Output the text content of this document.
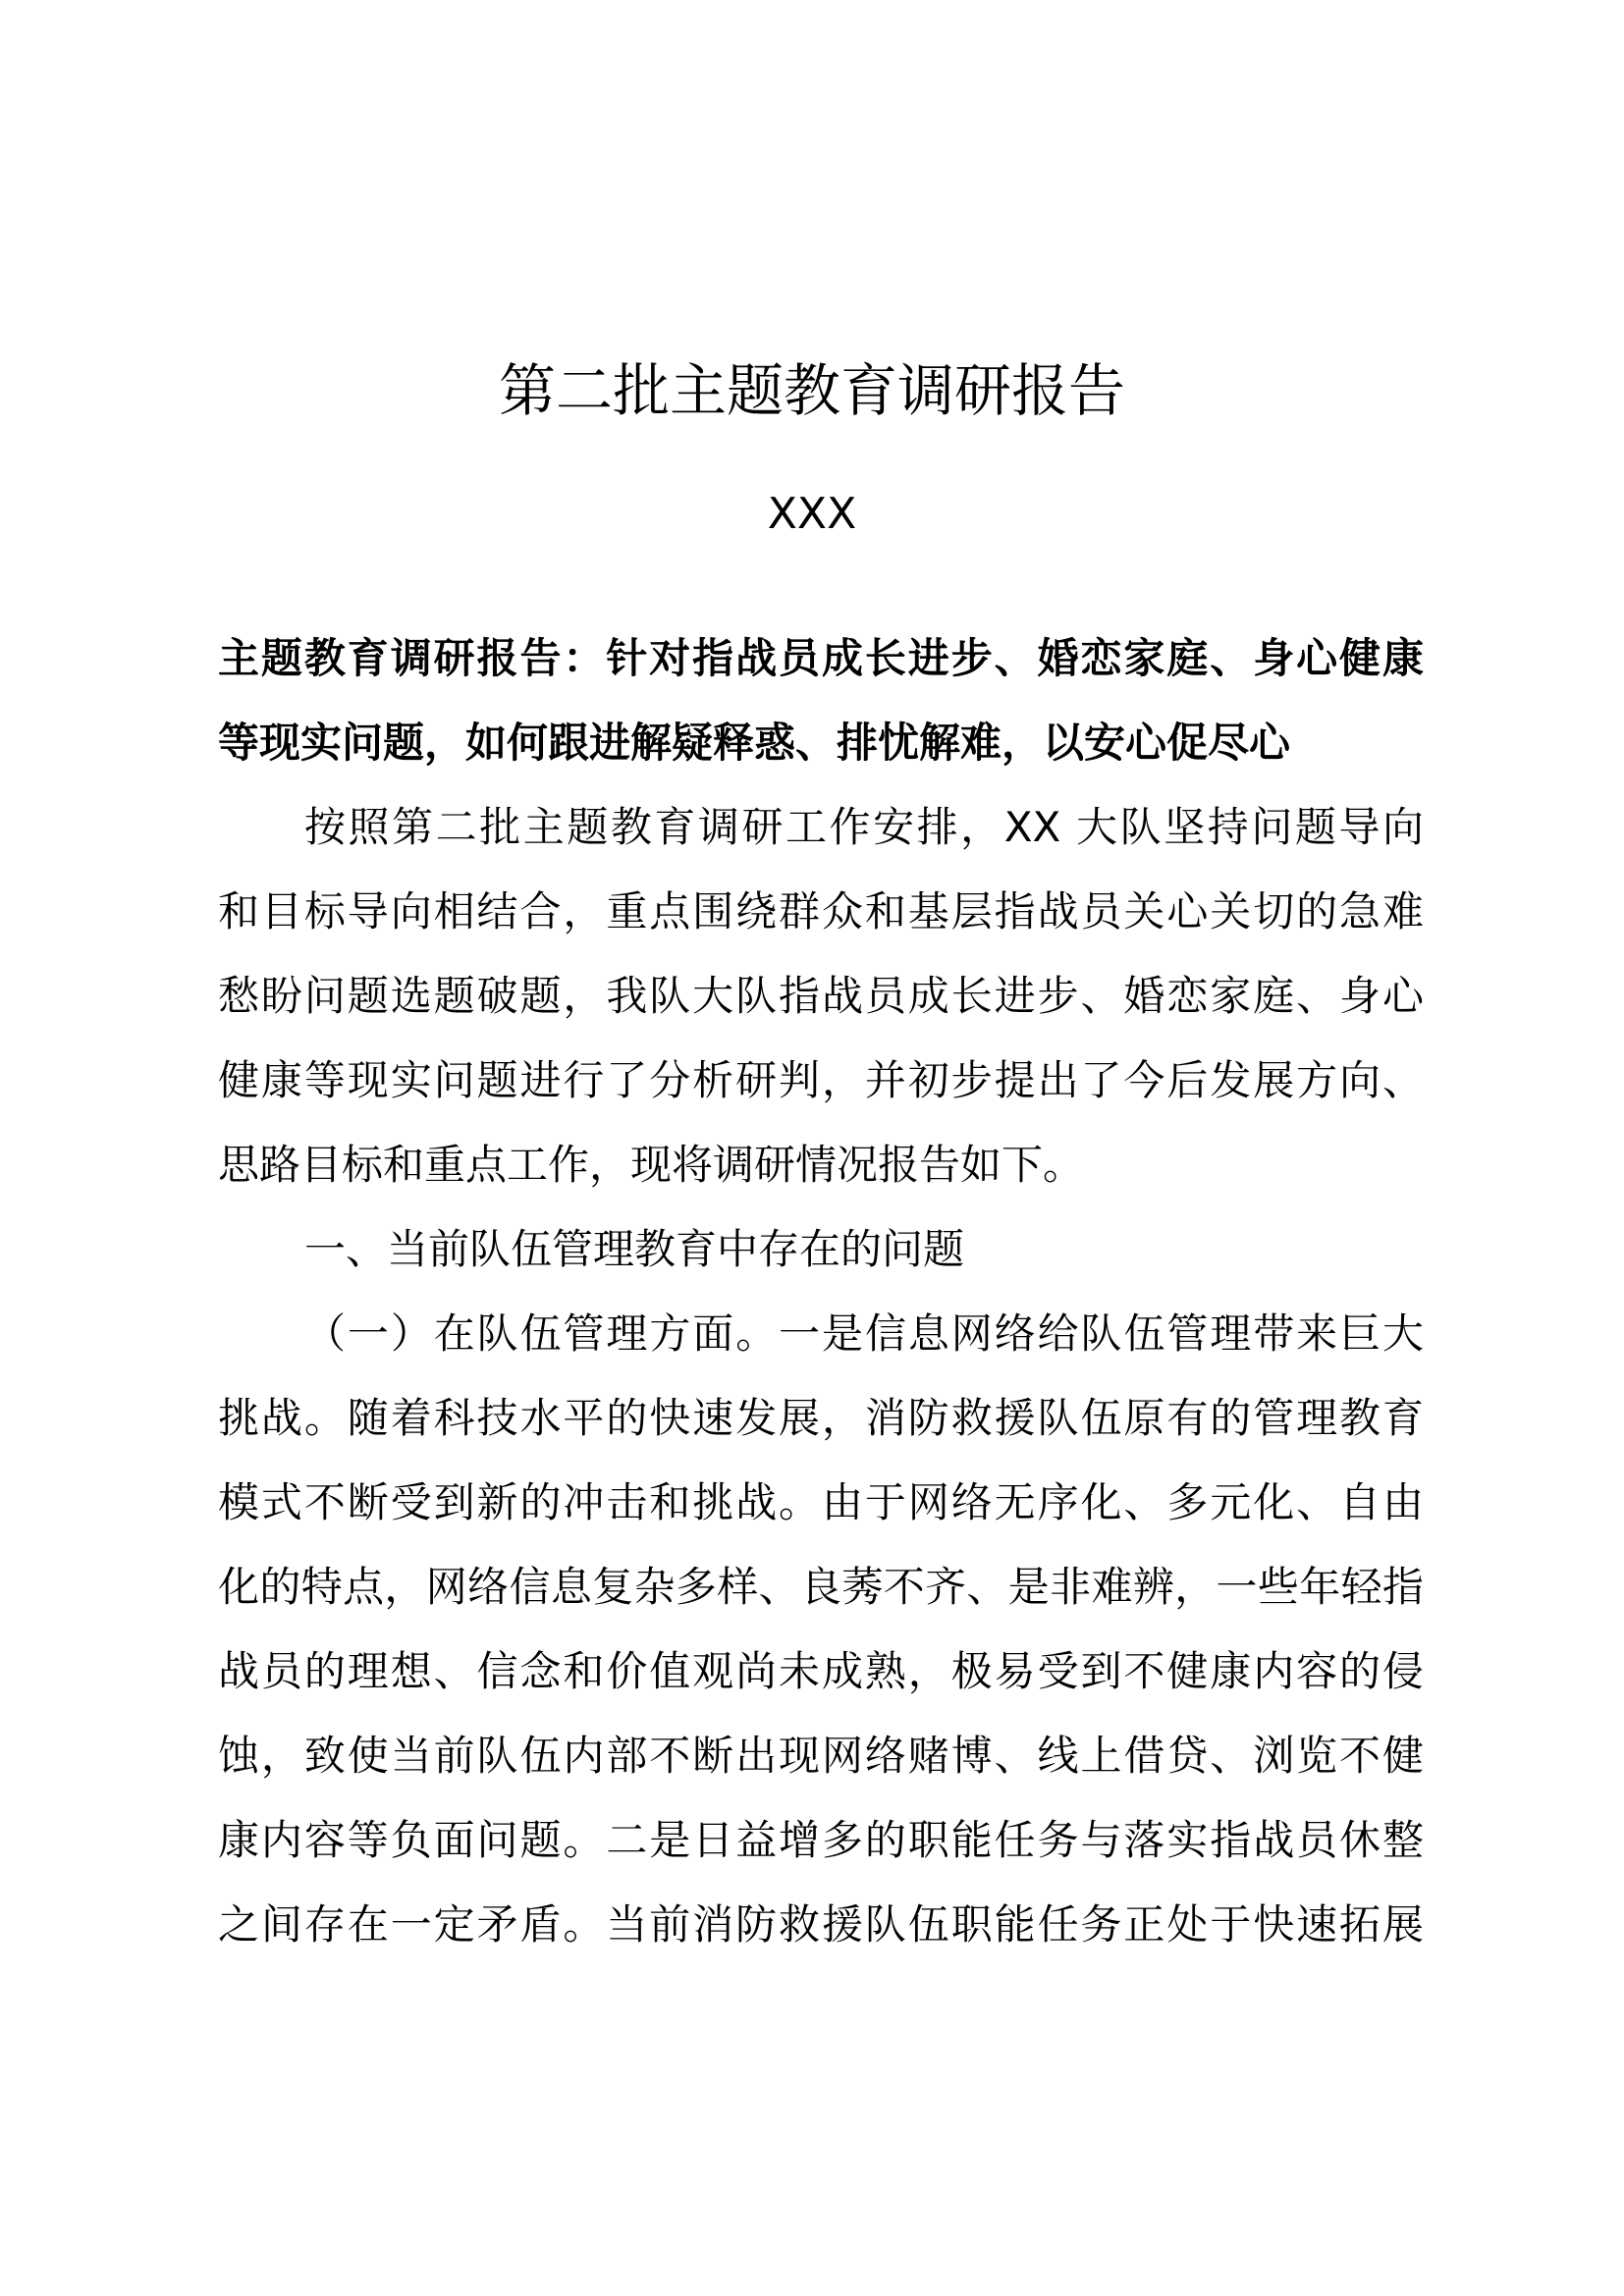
第二批主题教育调研报告
XXX
主题教育调研报告：针对指战员成长进步、婚恋家庭、身心健康
等现实问题，如何跟进解疑释惑、排忧解难，以安心促尽心
按照第二批主题教育调研工作安排，XX 大队坚持问题导向
和目标导向相结合，重点围绕群众和基层指战员关心关切的急难
愁盼问题选题破题，我队大队指战员成长进步、婚恋家庭、身心
健康等现实问题进行了分析研判，并初步提出了今后发展方向、
思路目标和重点工作，现将调研情况报告如下。
一、当前队伍管理教育中存在的问题
（一）在队伍管理方面。一是信息网络给队伍管理带来巨大
挑战。随着科技水平的快速发展，消防救援队伍原有的管理教育
模式不断受到新的冲击和挑战。由于网络无序化、多元化、自由
化的特点，网络信息复杂多样、良莠不齐、是非难辨，一些年轻指
战员的理想、信念和价值观尚未成熟，极易受到不健康内容的侵
蚀，致使当前队伍内部不断出现网络赌博、线上借贷、浏览不健
康内容等负面问题。二是日益增多的职能任务与落实指战员休整
之间存在一定矛盾。当前消防救援队伍职能任务正处于快速拓展
